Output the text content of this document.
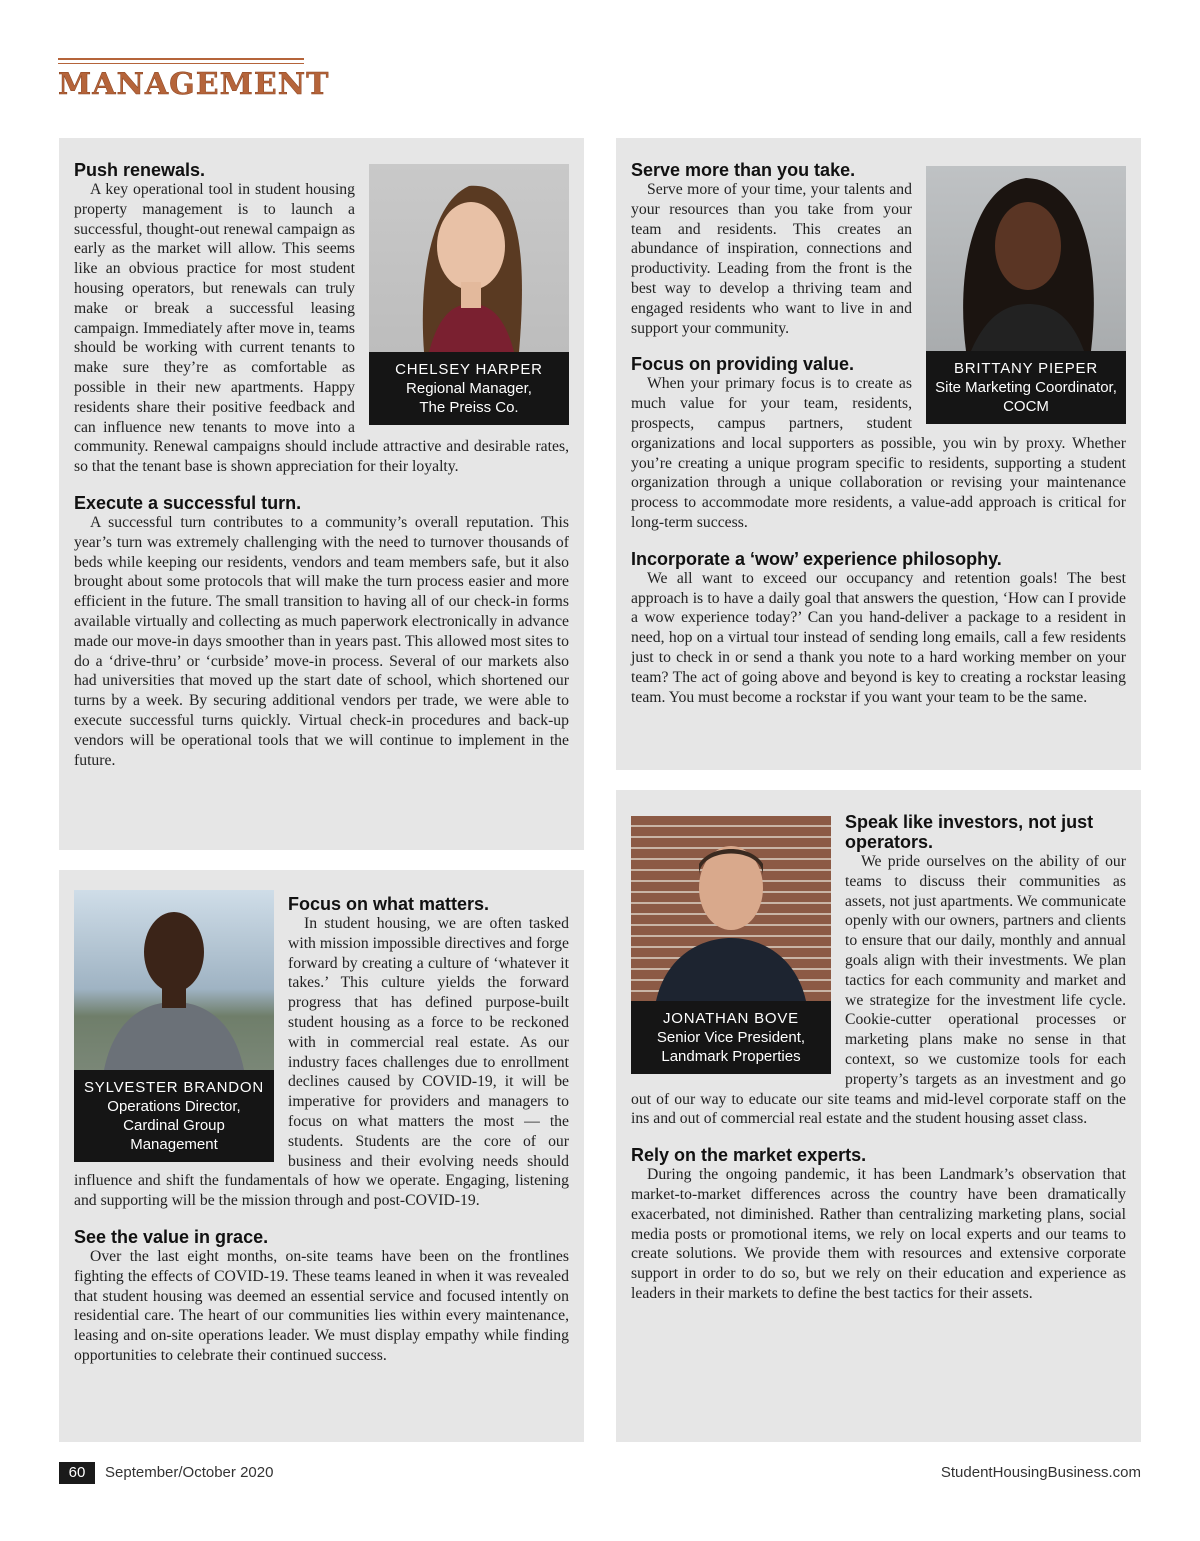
MANAGEMENT
CHELSEY HARPER
Regional Manager,
The Preiss Co.
Push renewals.

A key operational tool in student housing property management is to launch a successful, thought-out renewal campaign as early as the market will allow. This seems like an obvious practice for most student housing operators, but renewals can truly make or break a successful leasing campaign. Immediately after move in, teams should be working with current tenants to make sure they’re as comfortable as possible in their new apartments. Happy residents share their positive feedback and can influence new tenants to move into a community. Renewal campaigns should include attractive and desirable rates, so that the tenant base is shown appreciation for their loyalty.

Execute a successful turn.

A successful turn contributes to a community’s overall reputation. This year’s turn was extremely challenging with the need to turnover thousands of beds while keeping our residents, vendors and team members safe, but it also brought about some protocols that will make the turn process easier and more efficient in the future. The small transition to having all of our check-in forms available virtually and collecting as much paperwork electronically in advance made our move-in days smoother than in years past. This allowed most sites to do a ‘drive-thru’ or ‘curbside’ move-in process. Several of our markets also had universities that moved up the start date of school, which shortened our turns by a week. By securing additional vendors per trade, we were able to execute successful turns quickly. Virtual check-in procedures and back-up vendors will be operational tools that we will continue to implement in the future.

BRITTANY PIEPER
Site Marketing Coordinator,
COCM
Serve more than you take.

Serve more of your time, your talents and your resources than you take from your team and residents. This creates an abundance of inspiration, connections and productivity. Leading from the front is the best way to develop a thriving team and engaged residents who want to live in and support your community.

Focus on providing value.

When your primary focus is to create as much value for your team, residents, prospects, campus partners, student organizations and local supporters as possible, you win by proxy. Whether you’re creating a unique program specific to residents, supporting a student organization through a unique collaboration or revising your maintenance process to accommodate more residents, a value-add approach is critical for long-term success.

Incorporate a ‘wow’ experience philosophy.

We all want to exceed our occupancy and retention goals! The best approach is to have a daily goal that answers the question, ‘How can I provide a wow experience today?’ Can you hand-deliver a package to a resident in need, hop on a virtual tour instead of sending long emails, call a few residents just to check in or send a thank you note to a hard working member on your team? The act of going above and beyond is key to creating a rockstar leasing team. You must become a rockstar if you want your team to be the same.

SYLVESTER BRANDON
Operations Director,
Cardinal Group
Management
Focus on what matters.

In student housing, we are often tasked with mission impossible directives and forge forward by creating a culture of ‘whatever it takes.’ This culture yields the forward progress that has defined purpose-built student housing as a force to be reckoned with in commercial real estate. As our industry faces challenges due to enrollment declines caused by COVID-19, it will be imperative for providers and managers to focus on what matters the most — the students. Students are the core of our business and their evolving needs should influence and shift the fundamentals of how we operate. Engaging, listening and supporting will be the mission through and post-COVID-19.

See the value in grace.

Over the last eight months, on-site teams have been on the frontlines fighting the effects of COVID-19. These teams leaned in when it was revealed that student housing was deemed an essential service and focused intently on residential care. The heart of our communities lies within every maintenance, leasing and on-site operations leader. We must display empathy while finding opportunities to celebrate their continued success.

JONATHAN BOVE
Senior Vice President,
Landmark Properties
Speak like investors, not just operators.

We pride ourselves on the ability of our teams to discuss their communities as assets, not just apartments. We communicate openly with our owners, partners and clients to ensure that our daily, monthly and annual goals align with their investments. We plan tactics for each community and market and we strategize for the investment life cycle. Cookie-cutter operational processes or marketing plans make no sense in that context, so we customize tools for each property’s targets as an investment and go out of our way to educate our site teams and mid-level corporate staff on the ins and out of commercial real estate and the student housing asset class.

Rely on the market experts.

During the ongoing pandemic, it has been Landmark’s observation that market-to-market differences across the country have been dramatically exacerbated, not diminished. Rather than centralizing marketing plans, social media posts or promotional items, we rely on local experts and our teams to create solutions. We provide them with resources and extensive corporate support in order to do so, but we rely on their education and experience as leaders in their markets to define the best tactics for their assets.

60	September/October 2020	StudentHousingBusiness.com
